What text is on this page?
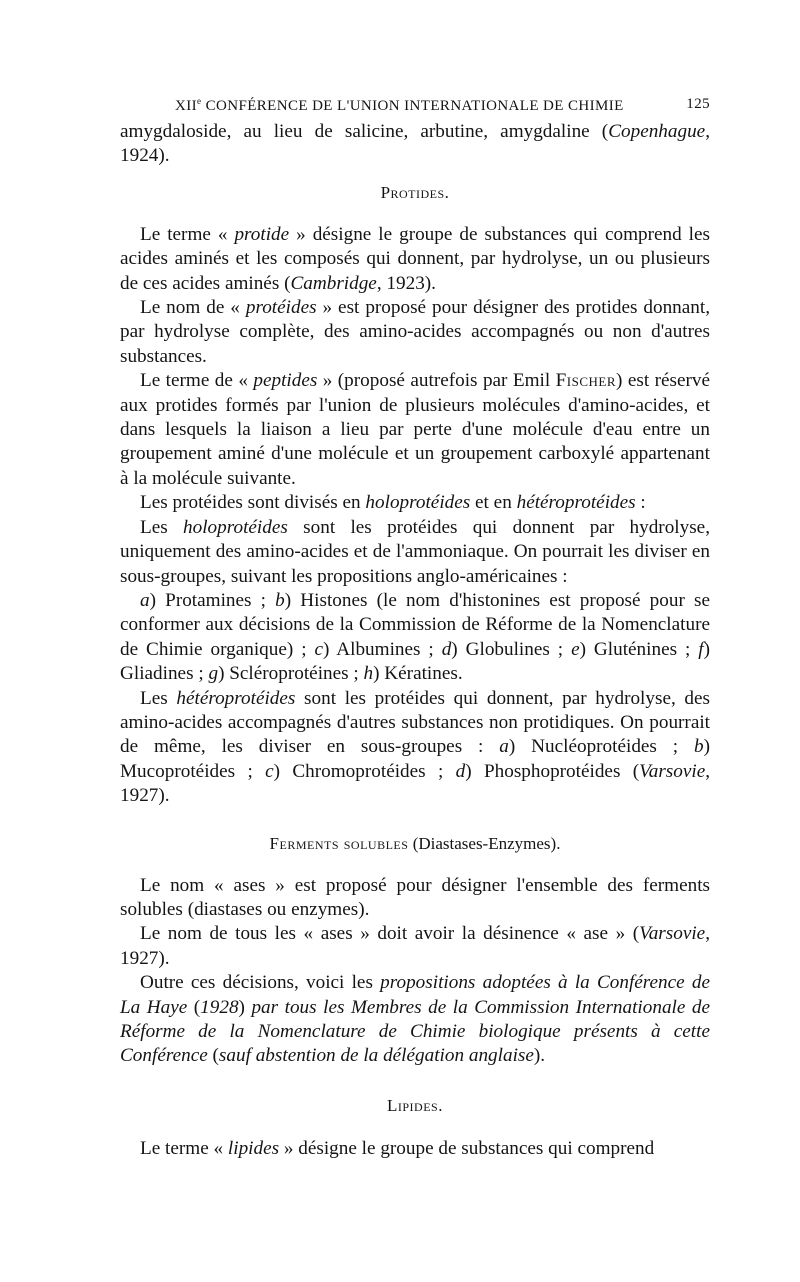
XIIe CONFÉRENCE DE L'UNION INTERNATIONALE DE CHIMIE	125

amygdaloside, au lieu de salicine, arbutine, amygdaline (Copenhague, 1924).

Protides.

Le terme « protide » désigne le groupe de substances qui comprend les acides aminés et les composés qui donnent, par hydrolyse, un ou plusieurs de ces acides aminés (Cambridge, 1923).

Le nom de « protéides » est proposé pour désigner des protides donnant, par hydrolyse complète, des amino-acides accompagnés ou non d'autres substances.

Le terme de « peptides » (proposé autrefois par Emil Fischer) est réservé aux protides formés par l'union de plusieurs molécules d'amino-acides, et dans lesquels la liaison a lieu par perte d'une molécule d'eau entre un groupement aminé d'une molécule et un groupement carboxylé appartenant à la molécule suivante.

Les protéides sont divisés en holoprotéides et en hétéroprotéides :

Les holoprotéides sont les protéides qui donnent par hydrolyse, uniquement des amino-acides et de l'ammoniaque. On pourrait les diviser en sous-groupes, suivant les propositions anglo-américaines :

a) Protamines ; b) Histones (le nom d'histonines est proposé pour se conformer aux décisions de la Commission de Réforme de la Nomenclature de Chimie organique) ; c) Albumines ; d) Globulines ; e) Gluténines ; f) Gliadines ; g) Scléroprotéines ; h) Kératines.

Les hétéroprotéides sont les protéides qui donnent, par hydrolyse, des amino-acides accompagnés d'autres substances non protidiques. On pourrait de même, les diviser en sous-groupes : a) Nucléoprotéides ; b) Mucoprotéides ; c) Chromoprotéides ; d) Phosphoprotéides (Varsovie, 1927).

Ferments solubles (Diastases-Enzymes).

Le nom « ases » est proposé pour désigner l'ensemble des ferments solubles (diastases ou enzymes).

Le nom de tous les « ases » doit avoir la désinence « ase » (Varsovie, 1927).

Outre ces décisions, voici les propositions adoptées à la Conférence de La Haye (1928) par tous les Membres de la Commission Internationale de Réforme de la Nomenclature de Chimie biologique présents à cette Conférence (sauf abstention de la délégation anglaise).

Lipides.

Le terme « lipides » désigne le groupe de substances qui comprend
